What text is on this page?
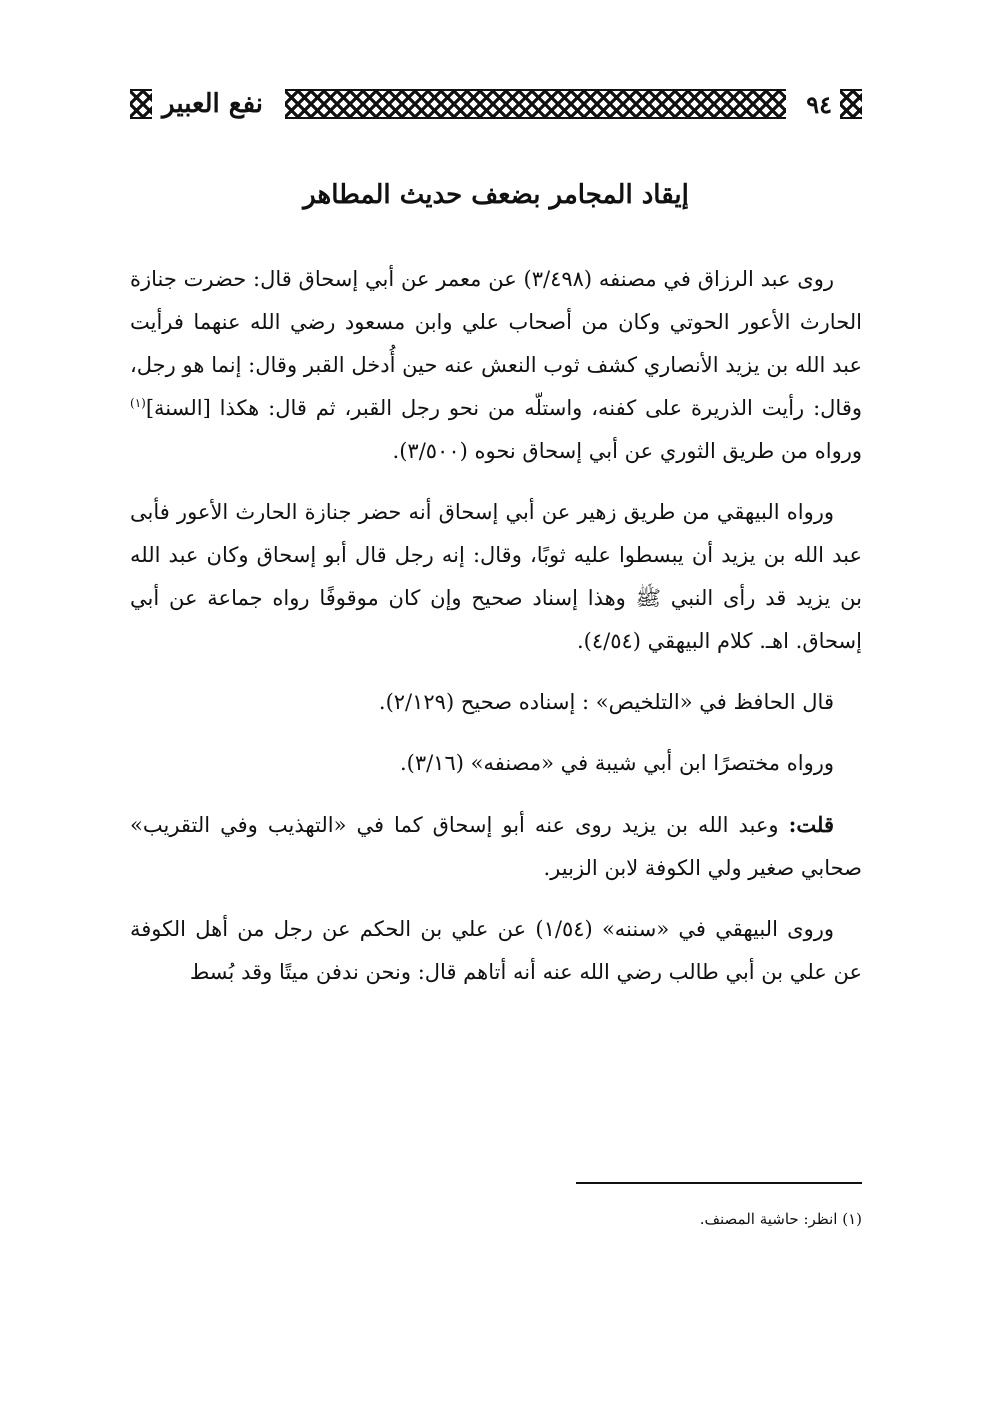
٩٤
نفع العبير
إيقاد المجامر بضعف حديث المطاهر

روى عبد الرزاق في مصنفه (٣/٤٩٨) عن معمر عن أبي إسحاق قال: حضرت جنازة الحارث الأعور الحوتي وكان من أصحاب علي وابن مسعود رضي الله عنهما فرأيت عبد الله بن يزيد الأنصاري كشف ثوب النعش عنه حين أُدخل القبر وقال: إنما هو رجل، وقال: رأيت الذريرة على كفنه، واستلّه من نحو رجل القبر، ثم قال: هكذا [السنة]$^{(١)}$ ورواه من طريق الثوري عن أبي إسحاق نحوه (٣/٥٠٠).

ورواه البيهقي من طريق زهير عن أبي إسحاق أنه حضر جنازة الحارث الأعور فأبى عبد الله بن يزيد أن يبسطوا عليه ثوبًا، وقال: إنه رجل قال أبو إسحاق وكان عبد الله بن يزيد قد رأى النبي ﷺ وهذا إسناد صحيح وإن كان موقوفًا رواه جماعة عن أبي إسحاق. اهـ. كلام البيهقي (٤/٥٤).

قال الحافظ في «التلخيص» : إسناده صحيح (٢/١٢٩).

ورواه مختصرًا ابن أبي شيبة في «مصنفه» (٣/١٦).

قلت: وعبد الله بن يزيد روى عنه أبو إسحاق كما في «التهذيب وفي التقريب» صحابي صغير ولي الكوفة لابن الزبير.

وروى البيهقي في «سننه» (١/٥٤) عن علي بن الحكم عن رجل من أهل الكوفة عن علي بن أبي طالب رضي الله عنه أنه أتاهم قال: ونحن ندفن ميتًا وقد بُسط

(١) انظر: حاشية المصنف.
